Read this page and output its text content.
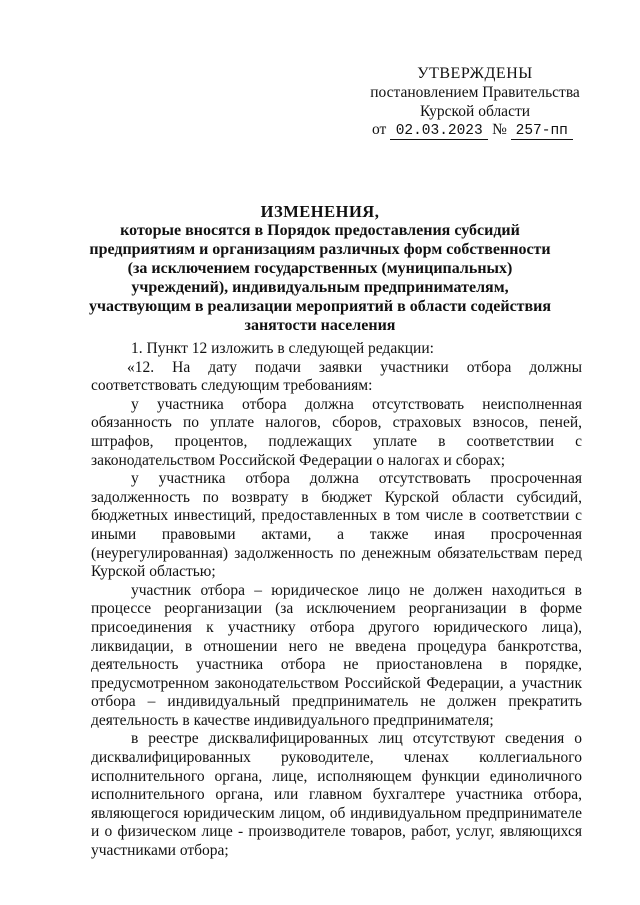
УТВЕРЖДЕНЫ
постановлением Правительства
Курской области
от 02.03.2023 № 257-пп
ИЗМЕНЕНИЯ,
которые вносятся в Порядок предоставления субсидий предприятиям и организациям различных форм собственности (за исключением государственных (муниципальных) учреждений), индивидуальным предпринимателям, участвующим в реализации мероприятий в области содействия занятости населения

1. Пункт 12 изложить в следующей редакции:

«12. На дату подачи заявки участники отбора должны соответствовать следующим требованиям:

у участника отбора должна отсутствовать неисполненная обязанность по уплате налогов, сборов, страховых взносов, пеней, штрафов, процентов, подлежащих уплате в соответствии с законодательством Российской Федерации о налогах и сборах;

у участника отбора должна отсутствовать просроченная задолженность по возврату в бюджет Курской области субсидий, бюджетных инвестиций, предоставленных в том числе в соответствии с иными правовыми актами, а также иная просроченная (неурегулированная) задолженность по денежным обязательствам перед Курской областью;

участник отбора – юридическое лицо не должен находиться в процессе реорганизации (за исключением реорганизации в форме присоединения к участнику отбора другого юридического лица), ликвидации, в отношении него не введена процедура банкротства, деятельность участника отбора не приостановлена в порядке, предусмотренном законодательством Российской Федерации, а участник отбора – индивидуальный предприниматель не должен прекратить деятельность в качестве индивидуального предпринимателя;

в реестре дисквалифицированных лиц отсутствуют сведения о дисквалифицированных руководителе, членах коллегиального исполнительного органа, лице, исполняющем функции единоличного исполнительного органа, или главном бухгалтере участника отбора, являющегося юридическим лицом, об индивидуальном предпринимателе и о физическом лице - производителе товаров, работ, услуг, являющихся участниками отбора;
